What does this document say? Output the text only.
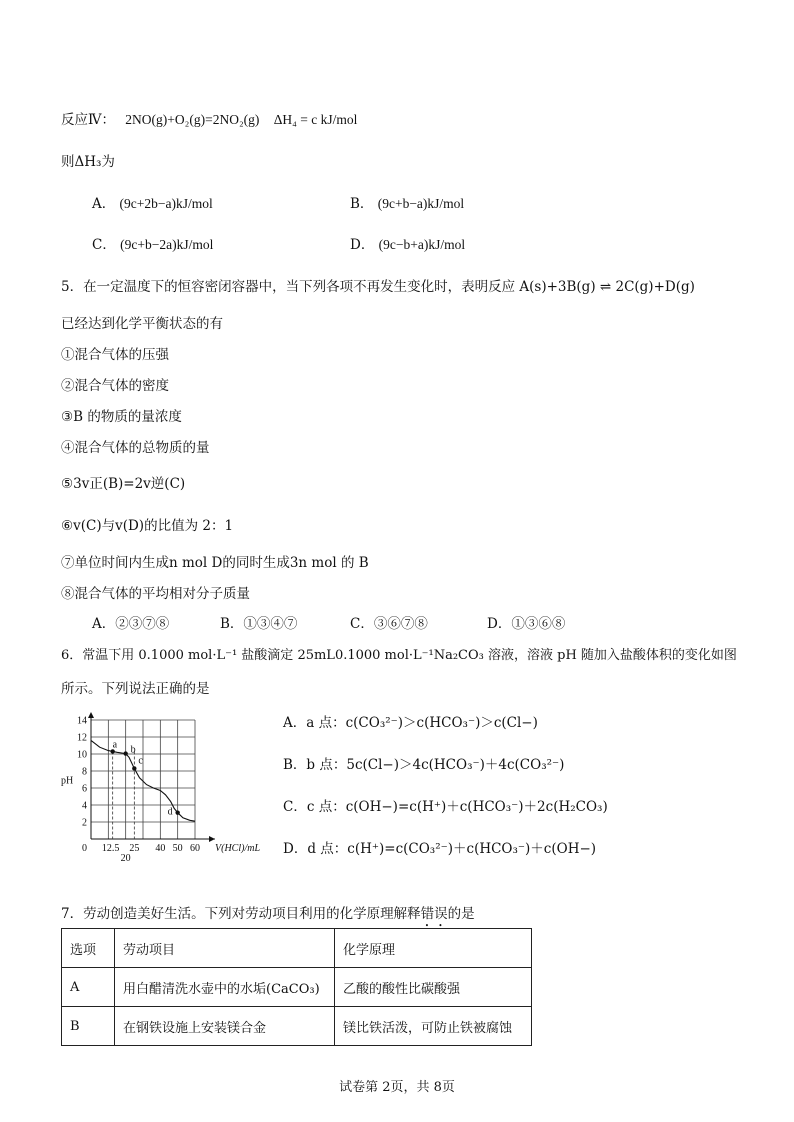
反应Ⅳ： 2NO(g)+O₂(g)=2NO₂(g) ΔH₄ = c kJ/mol
则ΔH₃为
A． (9c+2b−a)kJ/mol	B． (9c+b−a)kJ/mol
C． (9c+b−2a)kJ/mol	D． (9c−b+a)kJ/mol
5．在一定温度下的恒容密闭容器中，当下列各项不再发生变化时，表明反应 A(s)+3B(g) ⇌ 2C(g)+D(g)
已经达到化学平衡状态的有
①混合气体的压强
②混合气体的密度
③B 的物质的量浓度
④混合气体的总物质的量
⑤3v正(B)=2v逆(C)
⑥v(C)与v(D)的比值为 2：1
⑦单位时间内生成n mol D的同时生成3n mol 的 B
⑧混合气体的平均相对分子质量
A．②③⑦⑧	B．①③④⑦	C．③⑥⑦⑧	D．①③⑥⑧
6．常温下用 0.1000 mol·L⁻¹ 盐酸滴定 25mL0.1000 mol·L⁻¹Na₂CO₃ 溶液，溶液 pH 随加入盐酸体积的变化如图
所示。下列说法正确的是
2
4
6
8
10
12
14
0 12.5
20
25 40 50 60
pH
V(HCl)/mL
a b
c
d
A．a 点：c(CO₃²⁻)＞c(HCO₃⁻)＞c(Cl−)
B．b 点：5c(Cl−)＞4c(HCO₃⁻)＋4c(CO₃²⁻)
C．c 点：c(OH−)=c(H⁺)＋c(HCO₃⁻)＋2c(H₂CO₃)
D．d 点：c(H⁺)=c(CO₃²⁻)＋c(HCO₃⁻)＋c(OH−)
7．劳动创造美好生活。下列对劳动项目利用的化学原理解释错误的是
选项	劳动项目	化学原理
A	用白醋清洗水壶中的水垢(CaCO₃)	乙酸的酸性比碳酸强
B	在钢铁设施上安装镁合金	镁比铁活泼，可防止铁被腐蚀
试卷第 2页，共 8页
